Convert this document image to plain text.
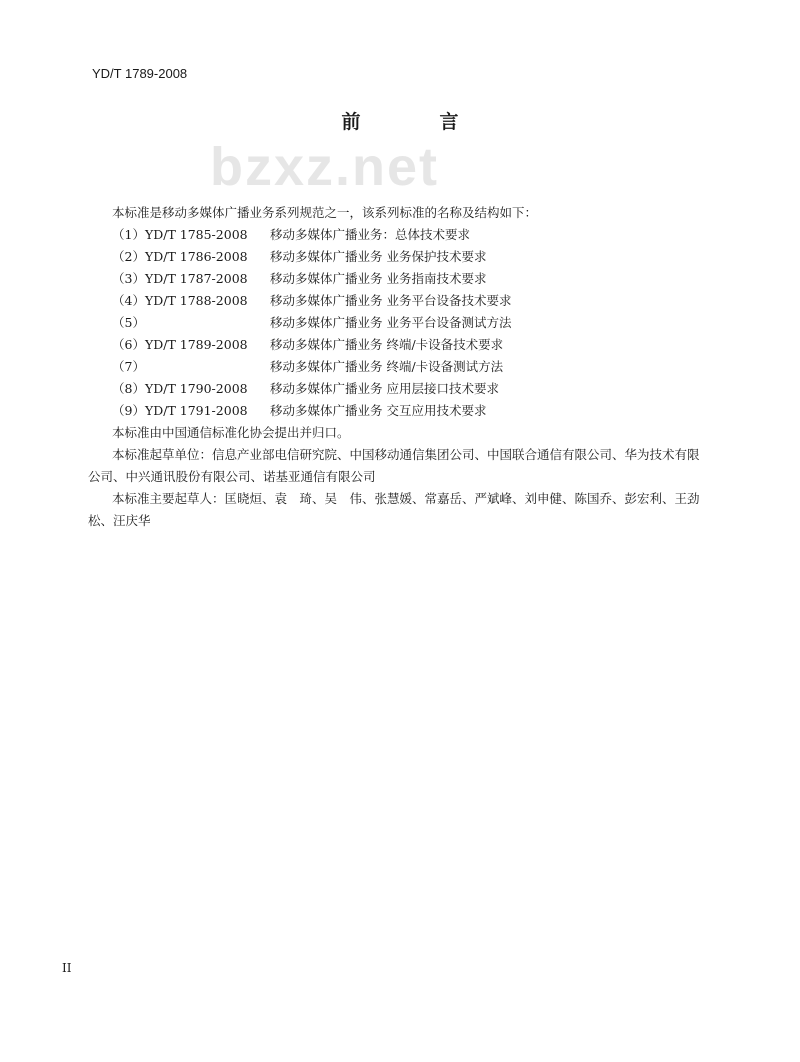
YD/T 1789-2008
前　言
bzxz.net

本标准是移动多媒体广播业务系列规范之一，该系列标准的名称及结构如下：

（1）YD/T 1785-2008	移动多媒体广播业务：总体技术要求
（2）YD/T 1786-2008	移动多媒体广播业务 业务保护技术要求
（3）YD/T 1787-2008	移动多媒体广播业务 业务指南技术要求
（4）YD/T 1788-2008	移动多媒体广播业务 业务平台设备技术要求
（5）	移动多媒体广播业务 业务平台设备测试方法
（6）YD/T 1789-2008	移动多媒体广播业务 终端/卡设备技术要求
（7）	移动多媒体广播业务 终端/卡设备测试方法
（8）YD/T 1790-2008	移动多媒体广播业务 应用层接口技术要求
（9）YD/T 1791-2008	移动多媒体广播业务 交互应用技术要求

本标准由中国通信标准化协会提出并归口。

本标准起草单位：信息产业部电信研究院、中国移动通信集团公司、中国联合通信有限公司、华为技术有限公司、中兴通讯股份有限公司、诺基亚通信有限公司

本标准主要起草人：匡晓烜、袁　琦、吴　伟、张慧媛、常嘉岳、严斌峰、刘申健、陈国乔、彭宏利、王劲松、汪庆华

II
